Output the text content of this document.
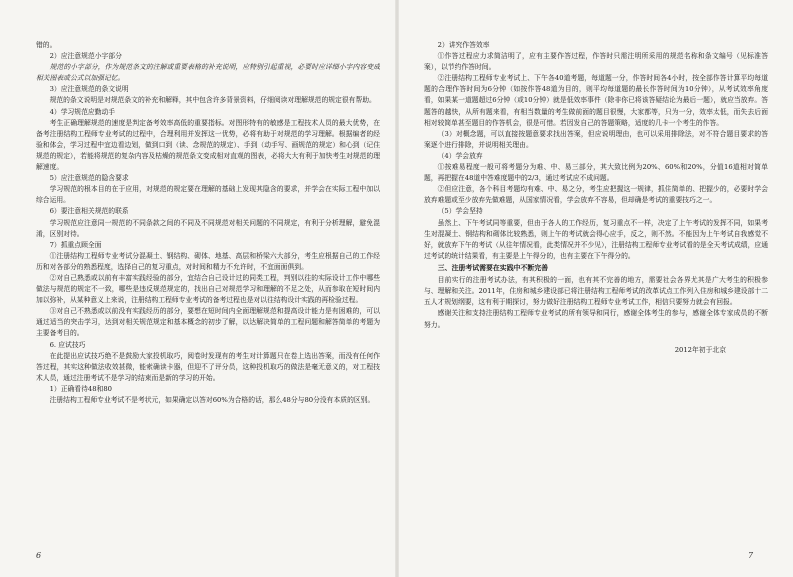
错的。

2）应注意规范小字部分

规范的小字部分，作为规范条文的注解或重要表格的补充说明，应特别引起重视，必要时应详细小字内容变成相关图表或公式以加强记忆。

3）应注意规范的条文说明

规范的条文说明是对规范条文的补充和解释，其中包含许多背景资料，仔细阅读对理解规范的规定很有帮助。

4）学习规范应勤动手

考生正确理解规范的速度是判定备考效率高低的重要指标。对图形特有的敏感是工程技术人员的最大优势，在备考注册结构工程师专业考试的过程中，合理利用并发挥这一优势，必将有助于对规范的学习理解。根据编者的经验和体会，学习过程中宜边看边划，做到口到（读、念规范的规定）、手到（动手写、画规范的规定）和心到（记住规范的规定），若能将规范的复杂内容及枯燥的规范条文变成相对直观的图表，必将大大有利于加快考生对规范的理解速度。

5）应注意规范的隐含要求

学习规范的根本目的在于应用，对规范的规定要在理解的基础上发现其隐含的要求，并学会在实际工程中加以综合运用。

6）要注意相关规范的联系

学习规范应注意同一规范的不同条款之间的不同及不同规范对相关问题的不同规定，有利于分析理解，避免混淆，区别对待。

7）抓重点顾全面

①注册结构工程师专业考试分混凝土、钢结构、砌体、地基、高层和桥梁六大部分，考生应根据自己的工作经历和对各部分的熟悉程度，选择自己的复习重点，对时间和精力不允许时，不宜面面俱到。

②对自己熟悉或以前有丰富实践经验的部分，宜结合自己设计过的同类工程，判别以往的实际设计工作中哪些做法与规范的规定不一致，哪些是违反规范规定的，找出自己对规范学习和理解的不足之处，从而参取在短时间内加以弥补，从某种意义上来说，注册结构工程师专业考试的备考过程也是对以往结构设计实践的再检验过程。

③对自己不熟悉或以前没有实践经历的部分，要想在短时间内全面理解规范和提高设计能力是有困难的，可以通过适当的突击学习，达到对相关规范规定和基本概念的初步了解，以达解决简单的工程问题和解答简单的考题为主要备考目的。

6. 应试技巧

在此提出应试技巧绝不是鼓励大家投机取巧，阅卷时发现有的考生对计算题只在卷上选出答案，而没有任何作答过程，其实这种做法收效甚微，能索确读卡器，但迎不了评分员，这种投机取巧的做法是毫无意义的，对工程技术人员，通过注册考试不是学习的结束而是新的学习的开始。

1）正确看待48和80

注册结构工程师专业考试不是考状元，如果确定以答对60%为合格的话，那么48分与80分没有本质的区别。

2）讲究作答效率

①作答过程应力求简洁明了，应有主要作答过程，作答时只需注明所采用的规范名称和条文编号（见标准答案），以节约作答时间。

②注册结构工程师专业考试上、下午各40道考题，每道题一分，作答时间各4小时，按全部作答计算平均每道题的合理作答时间为6分钟（如按作答48道为目的，则平均每道题的最长作答时间为10分钟），从考试效率角度看，如果某一道题超过6分钟（或10分钟）就是低效率事件（除非你已将该答疑结论为最后一题），就应当放弃。答题答的越快，从所有题来看，有相当数量的考生做前面的题目很慢，大家都等，只为一分，效率太低，而失去后面相对较简单甚至题目的作答机会，很是可惜。若因发自己的答题策略，适度的几卡一个考生的作答。

（3）对概念题，可以直接按题意要求找出答案，但应说明理由，也可以采用排除法，对不符合题目要求的答案逐个进行排除，并说明相关理由。

（4）学会放弃

①按难易程度一般可将考题分为难、中、易三部分，其大致比例为20%、60%和20%，分值16道相对简单题，再把握在48道中答难度题中的2/3，通过考试应不成问题。

②但应注意，各个科目考题均有难、中、易之分，考生应把握这一规律，抓住简单的、把握少的，必要时学会放弃难题或至少放弃先做难题，从国家情况看，学会放弃不容易，但却确是考试的重要技巧之一。

（5）学会坚持

虽然上、下午考试同等重要，但由于各人的工作经历，复习重点不一样，决定了上午考试的发挥不同，如果考生对混凝土、钢结构和砌体比较熟悉，则上午的考试就会得心应手，反之，则不然。不能因为上午考试自我感觉不好，就放弃下午的考试（从往年情况看，此类情况并不少见），注册结构工程师专业考试看的是全天考试成绩，应通过考试的统计结果看，有主要是上午得分的，也有主要在下午得分的。

三、注册考试需要在实践中不断完善

目前实行的注册考试办法，有其积极的一面，也有其不完善的地方，需要社会各界尤其是广大考生的积极参与、理解和关注。2011年，住房和城乡建设部已将注册结构工程师考试的改革试点工作列入住房和城乡建设部十二五人才规划纲要，这有利于期探讨，努力做好注册结构工程师专业考试工作，相信只要努力就会有回报。

感谢关注和支持注册结构工程师专业考试的所有领导和同行，感谢全体考生的参与，感谢全体专家成员的不断努力。

2012年初于北京

6	7
